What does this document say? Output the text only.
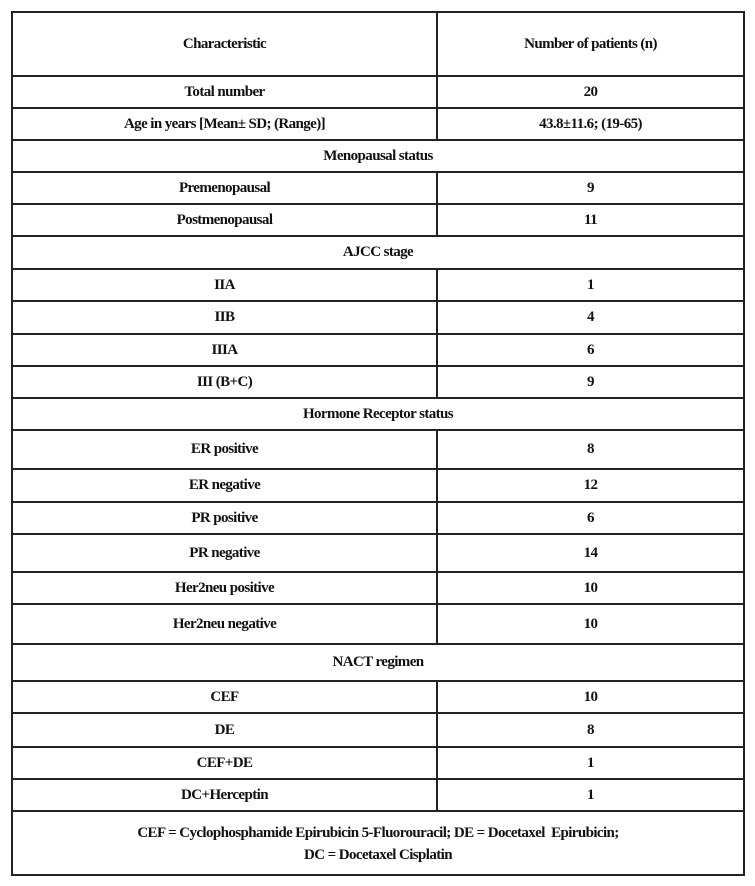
Characteristic	Number of patients (n)
Total number	20
Age in years [Mean± SD; (Range)]	43.8±11.6; (19-65)
Menopausal status	
Premenopausal	9
Postmenopausal	11
AJCC stage	
IIA	1
IIB	4
IIIA	6
III (B+C)	9
Hormone Receptor status	
ER positive	8
ER negative	12
PR positive	6
PR negative	14
Her2neu positive	10
Her2neu negative	10
NACT regimen	
CEF	10
DE	8
CEF+DE	1
DC+Herceptin	1

CEF = Cyclophosphamide Epirubicin 5-Fluorouracil; DE = Docetaxel  Epirubicin;
DC = Docetaxel Cisplatin	
